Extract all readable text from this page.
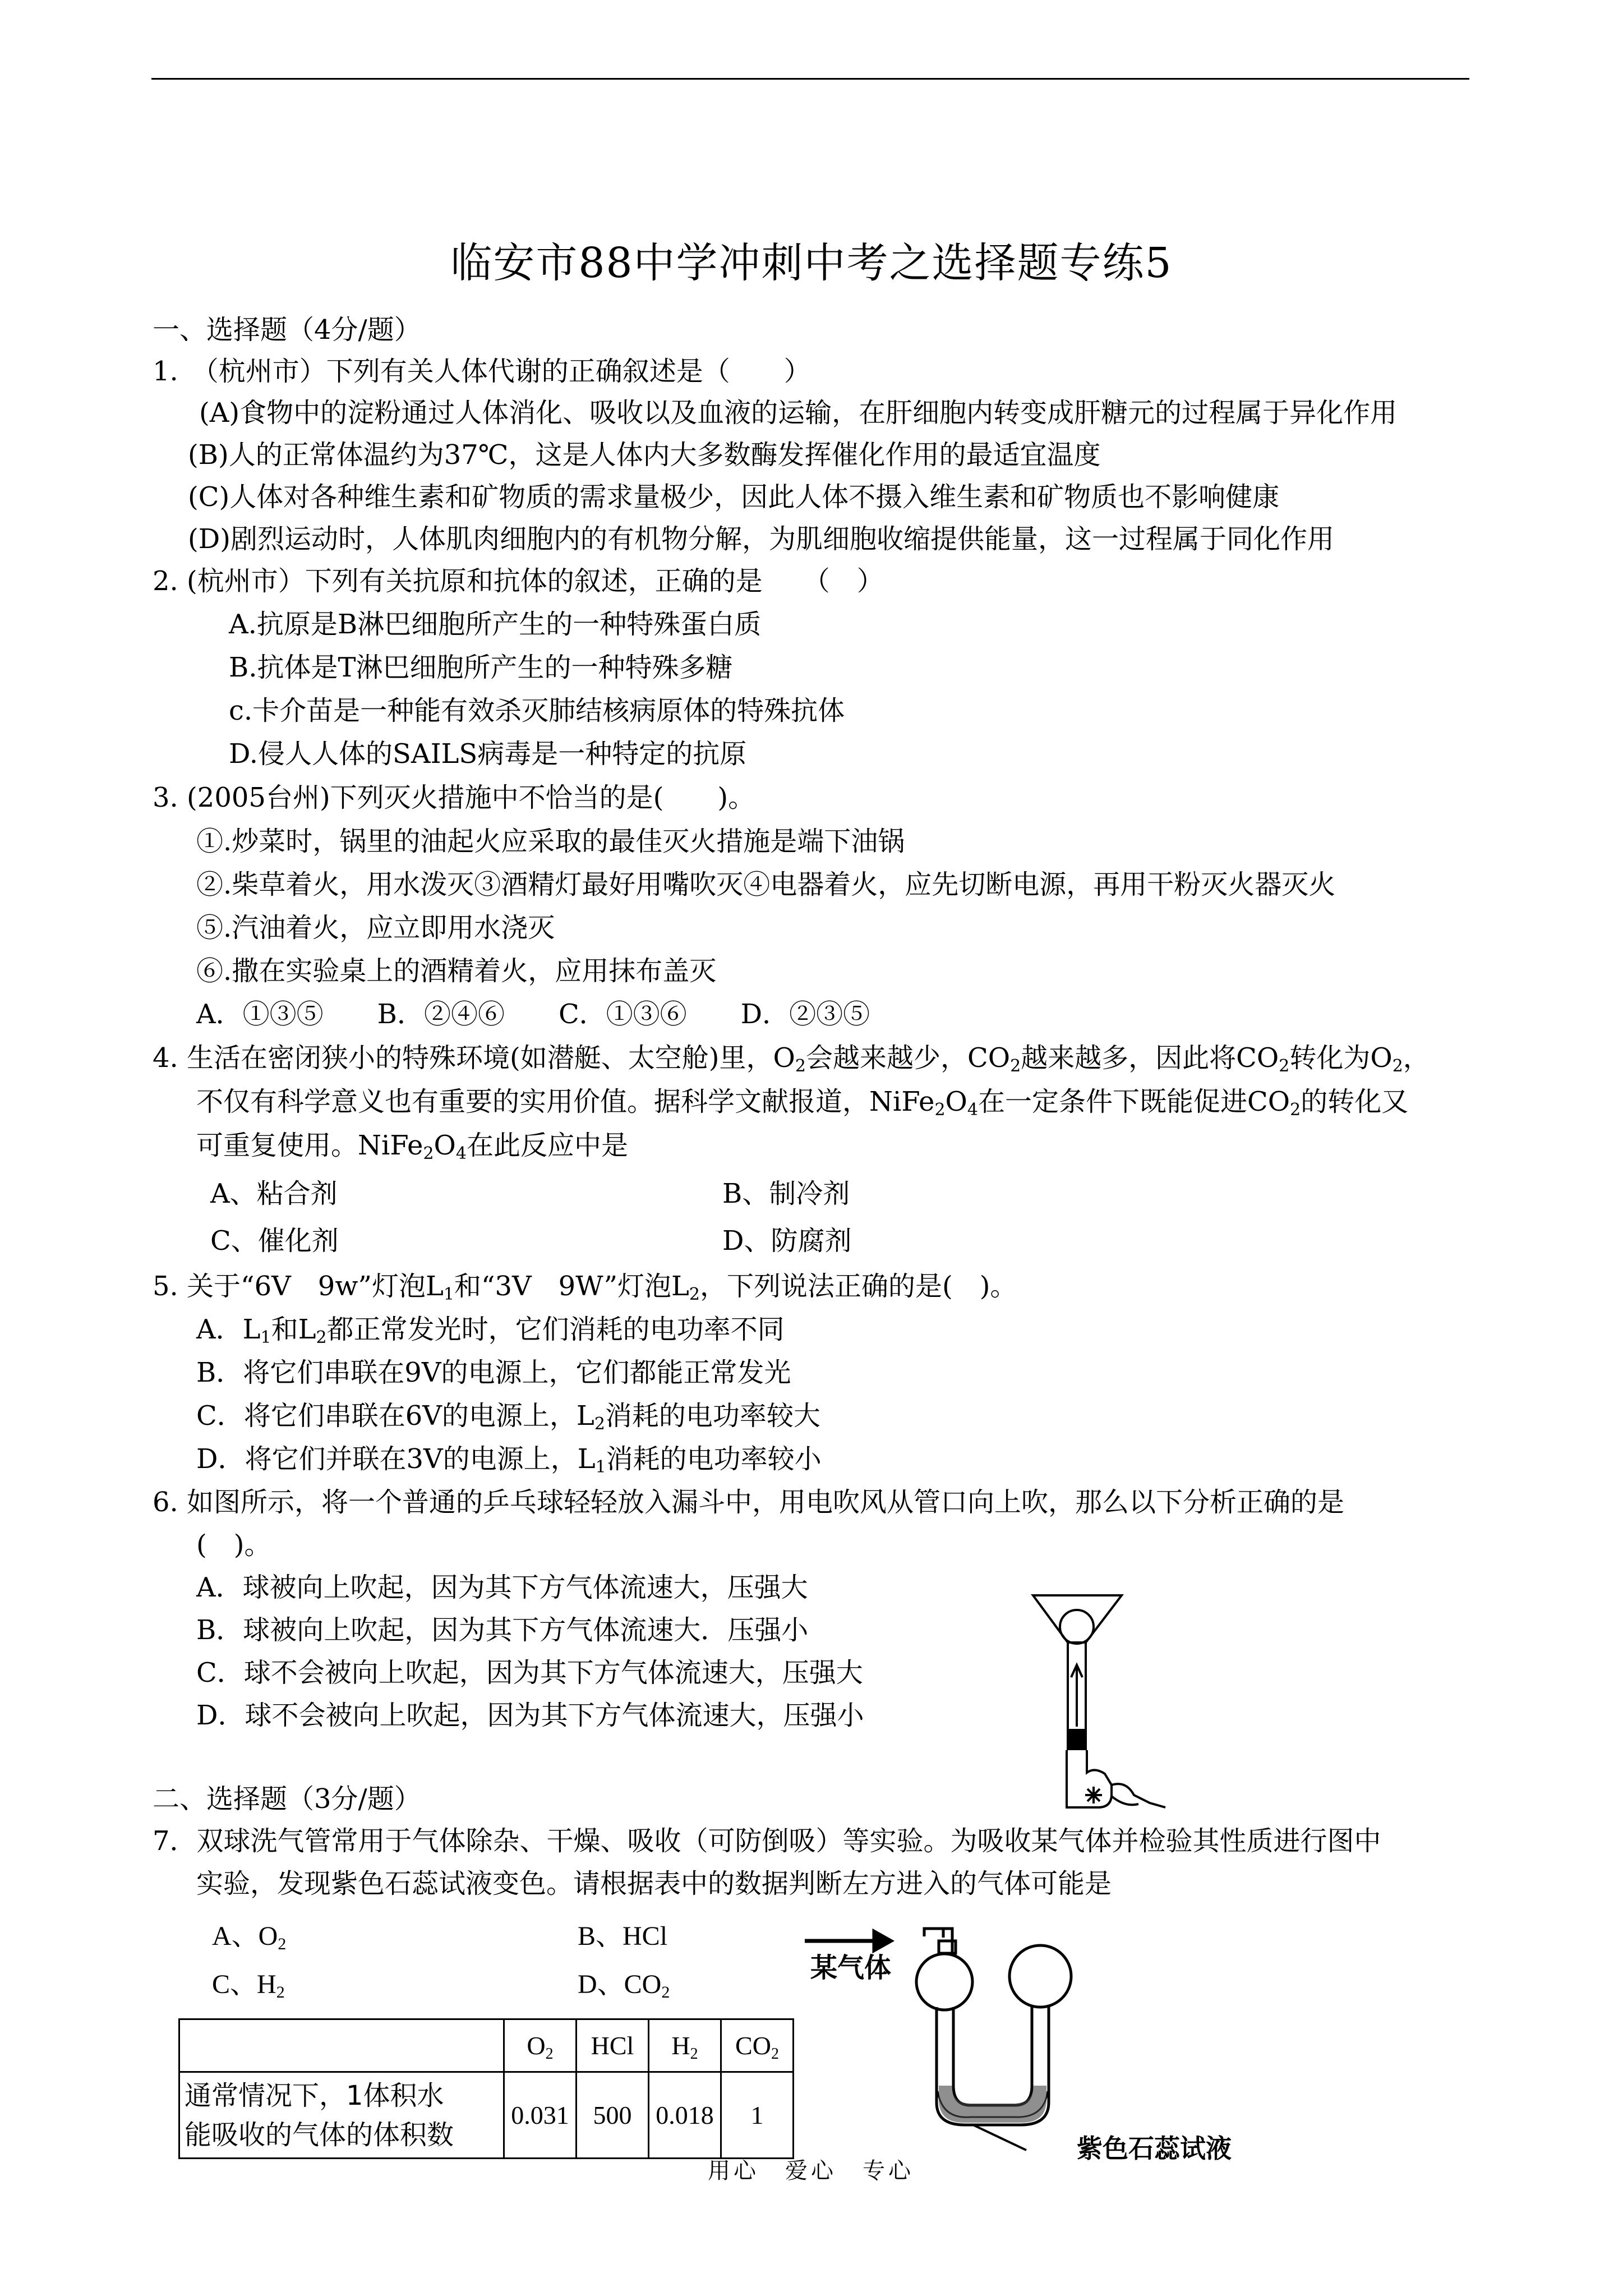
临安市88中学冲刺中考之选择题专练5
一、选择题（4分/题）
1.　（杭州市）下列有关人体代谢的正确叙述是（　　）
(A)食物中的淀粉通过人体消化、吸收以及血液的运输，在肝细胞内转变成肝糖元的过程属于异化作用
(B)人的正常体温约为37℃，这是人体内大多数酶发挥催化作用的最适宜温度
(C)人体对各种维生素和矿物质的需求量极少，因此人体不摄入维生素和矿物质也不影响健康
(D)剧烈运动时，人体肌肉细胞内的有机物分解，为肌细胞收缩提供能量，这一过程属于同化作用
2. (杭州市）下列有关抗原和抗体的叙述，正确的是　　（　）
A.抗原是B淋巴细胞所产生的一种特殊蛋白质
B.抗体是T淋巴细胞所产生的一种特殊多糖
c.卡介苗是一种能有效杀灭肺结核病原体的特殊抗体
D.侵人人体的SAILS病毒是一种特定的抗原
3. (2005台州)下列灭火措施中不恰当的是(　　)。
①.炒菜时，锅里的油起火应采取的最佳灭火措施是端下油锅
②.柴草着火，用水泼灭③酒精灯最好用嘴吹灭④电器着火，应先切断电源，再用干粉灭火器灭火
⑤.汽油着火，应立即用水浇灭
⑥.撒在实验桌上的酒精着火，应用抹布盖灭
A．①③⑤　　B．②④⑥　　C．①③⑥　　D．②③⑤
4. 生活在密闭狭小的特殊环境(如潜艇、太空舱)里，$O_2$会越来越少，$CO_2$越来越多，因此将$CO_2$转化为$O_2$，
不仅有科学意义也有重要的实用价值。据科学文献报道，$NiFe_2O_4$在一定条件下既能促进$CO_2$的转化又
可重复使用。$NiFe_2O_4$在此反应中是
A、粘合剂	B、制冷剂
C、催化剂	D、防腐剂
5. 关于“6V　9w”灯泡$L_1$和“3V　9W”灯泡$L_2$，下列说法正确的是(　)。
A．$L_1$和$L_2$都正常发光时，它们消耗的电功率不同
B．将它们串联在9V的电源上，它们都能正常发光
C．将它们串联在6V的电源上，$L_2$消耗的电功率较大
D．将它们并联在3V的电源上，$L_1$消耗的电功率较小
6. 如图所示，将一个普通的乒乓球轻轻放入漏斗中，用电吹风从管口向上吹，那么以下分析正确的是
(　)。
A．球被向上吹起，因为其下方气体流速大，压强大
B．球被向上吹起，因为其下方气体流速大．压强小
C．球不会被向上吹起，因为其下方气体流速大，压强大
D．球不会被向上吹起，因为其下方气体流速大，压强小
二、选择题（3分/题）
7．双球洗气管常用于气体除杂、干燥、吸收（可防倒吸）等实验。为吸收某气体并检验其性质进行图中
实验，发现紫色石蕊试液变色。请根据表中的数据判断左方进入的气体可能是
A、$O_2$	B、HCl
C、$H_2$	D、$CO_2$
	$O_2$	HCl	$H_2$	$CO_2$
通常情况下，1体积水
能吸收的气体的体积数	0.031	500	0.018	1
某气体
紫色石蕊试液
用心　爱心　专心
